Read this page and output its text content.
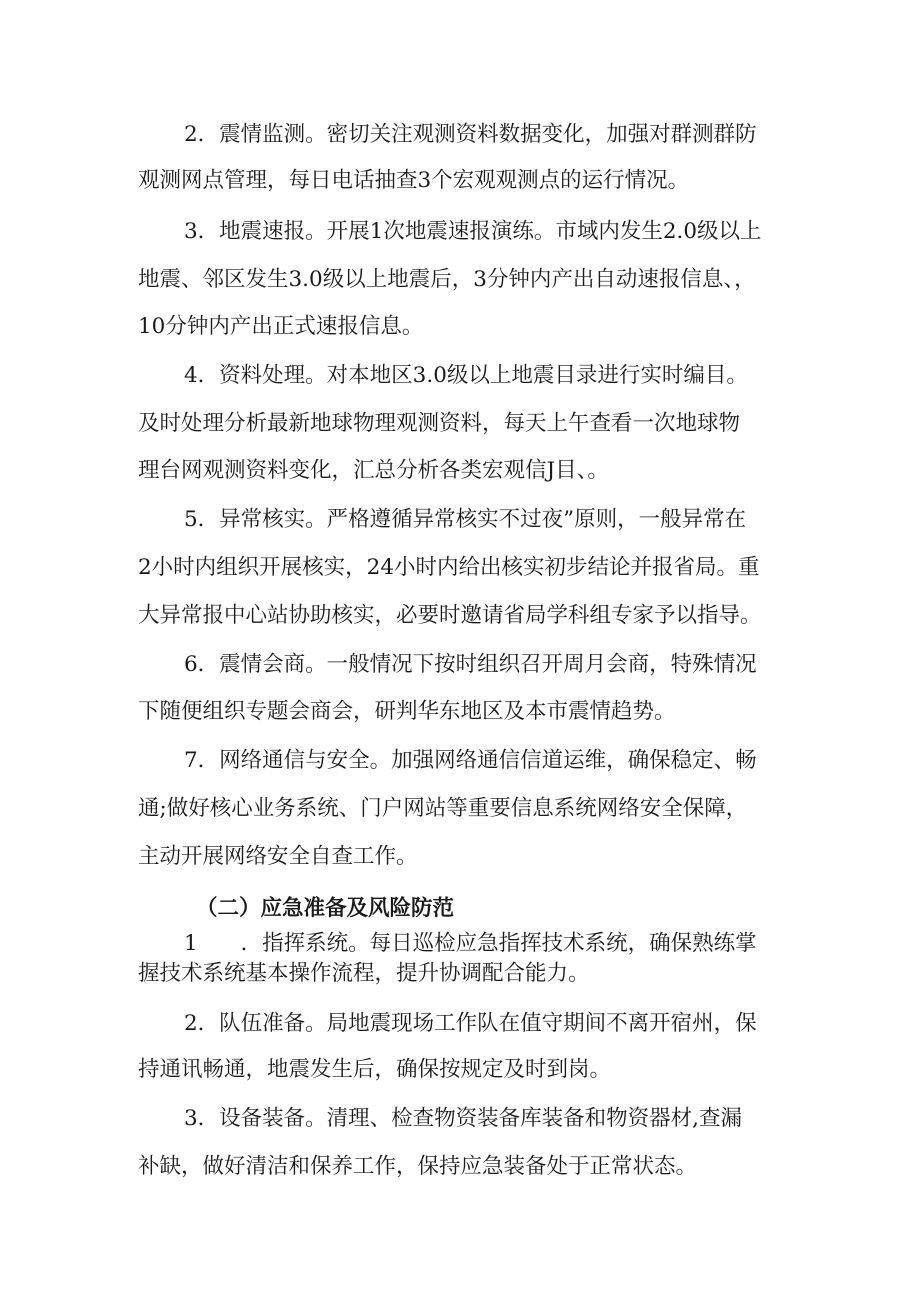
2．震情监测。密切关注观测资料数据变化，加强对群测群防
观测网点管理，每日电话抽查3个宏观观测点的运行情况。
3．地震速报。开展1次地震速报演练。市域内发生2.0级以上
地震、邻区发生3.0级以上地震后，3分钟内产出自动速报信息、，
10分钟内产出正式速报信息。
4．资料处理。对本地区3.0级以上地震目录进行实时编目。
及时处理分析最新地球物理观测资料，每天上午查看一次地球物
理台网观测资料变化，汇总分析各类宏观信J目、。
5．异常核实。严格遵循异常核实不过夜”原则，一般异常在
2小时内组织开展核实，24小时内给出核实初步结论并报省局。重
大异常报中心站协助核实，必要时邀请省局学科组专家予以指导。
6．震情会商。一般情况下按时组织召开周月会商，特殊情况
下随便组织专题会商会，研判华东地区及本市震情趋势。
7．网络通信与安全。加强网络通信信道运维，确保稳定、畅
通;做好核心业务系统、门户网站等重要信息系统网络安全保障，
主动开展网络安全自查工作。
（二）应急准备及风险防范
1　　．指挥系统。每日巡检应急指挥技术系统，确保熟练掌
握技术系统基本操作流程，提升协调配合能力。
2．队伍准备。局地震现场工作队在值守期间不离开宿州，保
持通讯畅通，地震发生后，确保按规定及时到岗。
3．设备装备。清理、检查物资装备库装备和物资器材,查漏
补缺，做好清洁和保养工作，保持应急装备处于正常状态。
